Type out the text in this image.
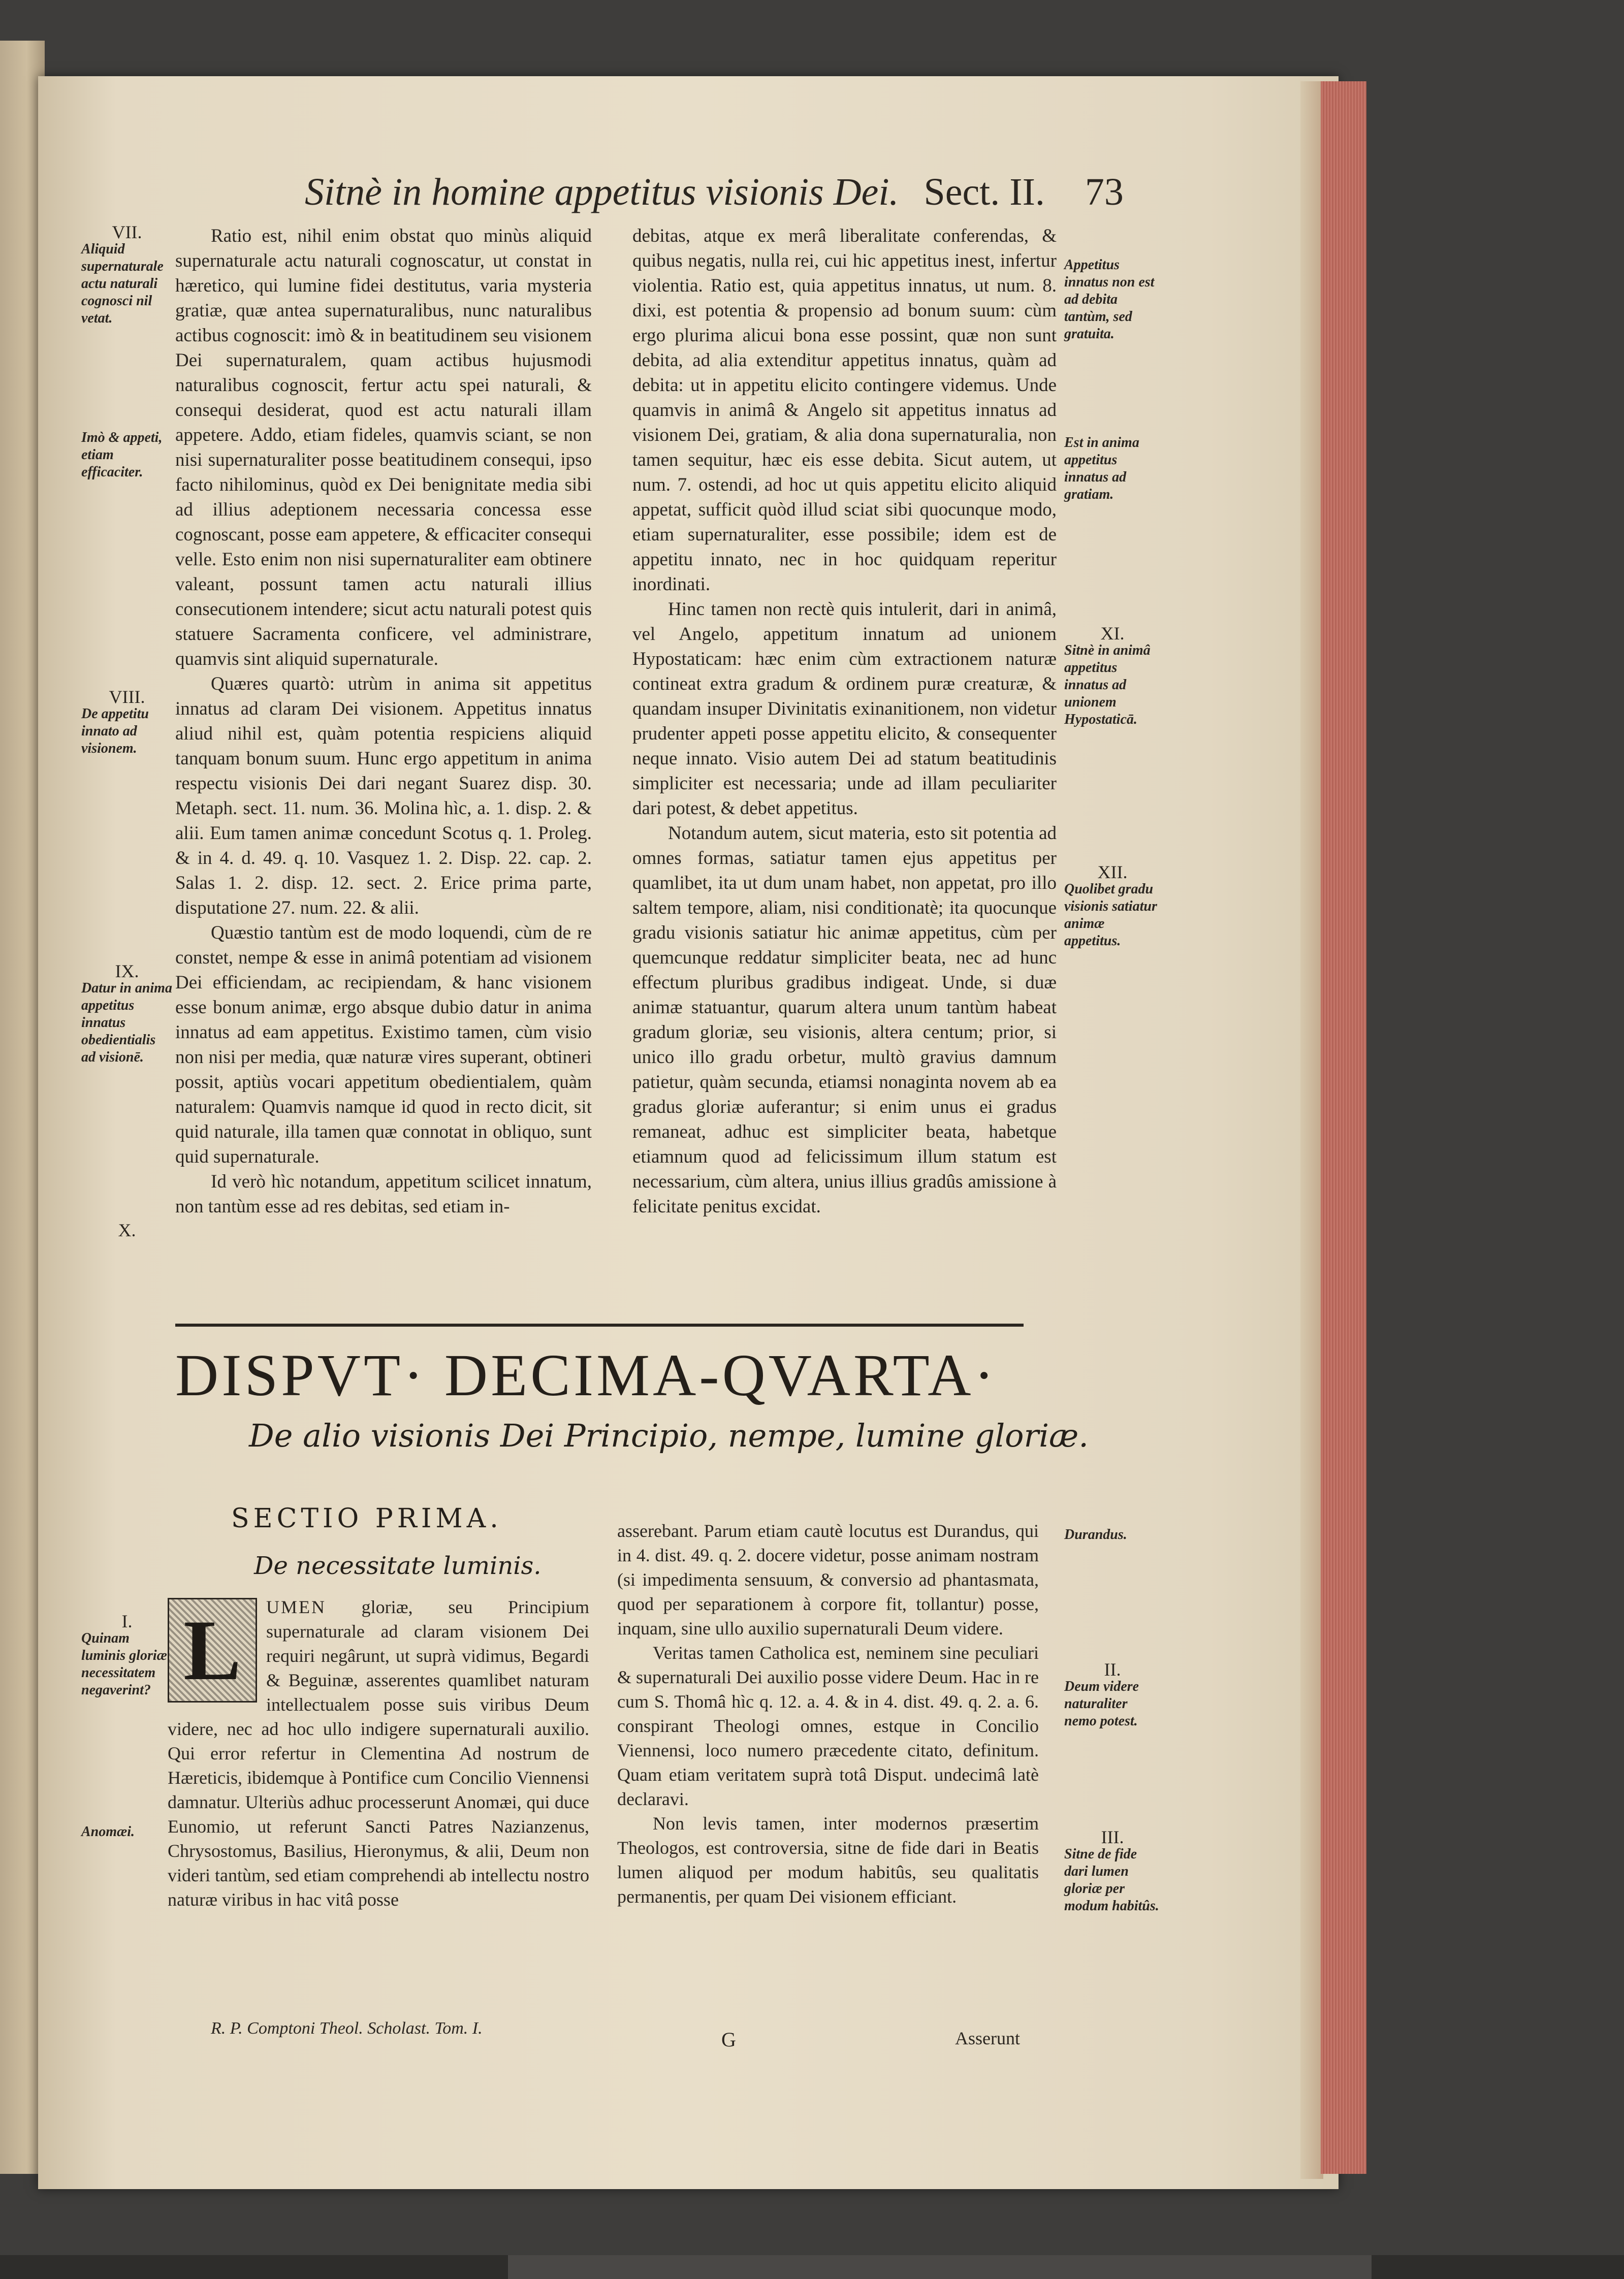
Sitnè in homine appetitus visionis Dei. Sect. II. 73

Ratio est, nihil enim obstat quo minùs aliquid supernaturale actu naturali cognoscatur, ut constat in hæretico, qui lumine fidei destitutus, varia mysteria gratiæ, quæ antea supernaturalibus, nunc naturalibus actibus cognoscit: imò & in beatitudinem seu visionem Dei supernaturalem, quam actibus hujusmodi naturalibus cognoscit, fertur actu spei naturali, & consequi desiderat, quod est actu naturali illam appetere. Addo, etiam fideles, quamvis sciant, se non nisi supernaturaliter posse beatitudinem consequi, ipso facto nihilominus, quòd ex Dei benignitate media sibi ad illius adeptionem necessaria concessa esse cognoscant, posse eam appetere, & efficaciter consequi velle. Esto enim non nisi supernaturaliter eam obtinere valeant, possunt tamen actu naturali illius consecutionem intendere; sicut actu naturali potest quis statuere Sacramenta conficere, vel administrare, quamvis sint aliquid supernaturale.

Quæres quartò: utrùm in anima sit appetitus innatus ad claram Dei visionem. Appetitus innatus aliud nihil est, quàm potentia respiciens aliquid tanquam bonum suum. Hunc ergo appetitum in anima respectu visionis Dei dari negant Suarez disp. 30. Metaph. sect. 11. num. 36. Molina hìc, a. 1. disp. 2. & alii. Eum tamen animæ concedunt Scotus q. 1. Proleg. & in 4. d. 49. q. 10. Vasquez 1. 2. Disp. 22. cap. 2. Salas 1. 2. disp. 12. sect. 2. Erice prima parte, disputatione 27. num. 22. & alii.

Quæstio tantùm est de modo loquendi, cùm de re constet, nempe & esse in animâ potentiam ad visionem Dei efficiendam, ac recipiendam, & hanc visionem esse bonum animæ, ergo absque dubio datur in anima innatus ad eam appetitus. Existimo tamen, cùm visio non nisi per media, quæ naturæ vires superant, obtineri possit, aptiùs vocari appetitum obedientialem, quàm naturalem: Quamvis namque id quod in recto dicit, sit quid naturale, illa tamen quæ connotat in obliquo, sunt quid supernaturale.

Id verò hìc notandum, appetitum scilicet innatum, non tantùm esse ad res debitas, sed etiam in-

debitas, atque ex merâ liberalitate conferendas, & quibus negatis, nulla rei, cui hic appetitus inest, infertur violentia. Ratio est, quia appetitus innatus, ut num. 8. dixi, est potentia & propensio ad bonum suum: cùm ergo plurima alicui bona esse possint, quæ non sunt debita, ad alia extenditur appetitus innatus, quàm ad debita: ut in appetitu elicito contingere videmus. Unde quamvis in animâ & Angelo sit appetitus innatus ad visionem Dei, gratiam, & alia dona supernaturalia, non tamen sequitur, hæc eis esse debita. Sicut autem, ut num. 7. ostendi, ad hoc ut quis appetitu elicito aliquid appetat, sufficit quòd illud sciat sibi quocunque modo, etiam supernaturaliter, esse possibile; idem est de appetitu innato, nec in hoc quidquam reperitur inordinati.

Hinc tamen non rectè quis intulerit, dari in animâ, vel Angelo, appetitum innatum ad unionem Hypostaticam: hæc enim cùm extractionem naturæ contineat extra gradum & ordinem puræ creaturæ, & quandam insuper Divinitatis exinanitionem, non videtur prudenter appeti posse appetitu elicito, & consequenter neque innato. Visio autem Dei ad statum beatitudinis simpliciter est necessaria; unde ad illam peculiariter dari potest, & debet appetitus.

Notandum autem, sicut materia, esto sit potentia ad omnes formas, satiatur tamen ejus appetitus per quamlibet, ita ut dum unam habet, non appetat, pro illo saltem tempore, aliam, nisi conditionatè; ita quocunque gradu visionis satiatur hic animæ appetitus, cùm per quemcunque reddatur simpliciter beata, nec ad hunc effectum pluribus gradibus indigeat. Unde, si duæ animæ statuantur, quarum altera unum tantùm habeat gradum gloriæ, seu visionis, altera centum; prior, si unico illo gradu orbetur, multò gravius damnum patietur, quàm secunda, etiamsi nonaginta novem ab ea gradus gloriæ auferantur; si enim unus ei gradus remaneat, adhuc est simpliciter beata, habetque etiamnum quod ad felicissimum illum statum est necessarium, cùm altera, unius illius gradûs amissione à felicitate penitus excidat.

VII.
Aliquid supernaturale actu naturali cognosci nil vetat.
Imò & appeti, etiam efficaciter.
VIII.
De appetitu innato ad visionem.
IX.
Datur in anima appetitus innatus obedientialis ad visionē.
X.
Appetitus innatus non est ad debita tantùm, sed gratuita.
Est in anima appetitus innatus ad gratiam.
XI.
Sitnè in animâ appetitus innatus ad unionem Hypostaticā.
XII.
Quolibet gradu visionis satiatur animæ appetitus.
DISPVT· DECIMA-QVARTA·
De alio visionis Dei Principio, nempe, lumine gloriæ.
SECTIO PRIMA.
De necessitate luminis.
L	UMEN gloriæ, seu Principium supernaturale ad claram visionem Dei requiri negârunt, ut suprà vidimus, Begardi & Beguinæ, asserentes quamlibet naturam intellectualem posse suis viribus Deum videre, nec ad hoc ullo indigere supernaturali auxilio. Qui error refertur in Clementina Ad nostrum de Hæreticis, ibidemque à Pontifice cum Concilio Viennensi damnatur. Ulteriùs adhuc processerunt Anomæi, qui duce Eunomio, ut referunt Sancti Patres Nazianzenus, Chrysostomus, Basilius, Hieronymus, & alii, Deum non videri tantùm, sed etiam comprehendi ab intellectu nostro naturæ viribus in hac vitâ posse

asserebant. Parum etiam cautè locutus est Durandus, qui in 4. dist. 49. q. 2. docere videtur, posse animam nostram (si impedimenta sensuum, & conversio ad phantasmata, quod per separationem à corpore fit, tollantur) posse, inquam, sine ullo auxilio supernaturali Deum videre.

Veritas tamen Catholica est, neminem sine peculiari & supernaturali Dei auxilio posse videre Deum. Hac in re cum S. Thomâ hìc q. 12. a. 4. & in 4. dist. 49. q. 2. a. 6. conspirant Theologi omnes, estque in Concilio Viennensi, loco numero præcedente citato, definitum. Quam etiam veritatem suprà totâ Disput. undecimâ latè declaravi.

Non levis tamen, inter modernos præsertim Theologos, est controversia, sitne de fide dari in Beatis lumen aliquod per modum habitûs, seu qualitatis permanentis, per quam Dei visionem efficiant.

I.
Quinam luminis gloriæ necessitatem negaverint?
Anomæi.
Durandus.
II.
Deum videre naturaliter nemo potest.
III.
Sitne de fide dari lumen gloriæ per modum habitûs.
R. P. Comptoni Theol. Scholast. Tom. I.	G	Asserunt
